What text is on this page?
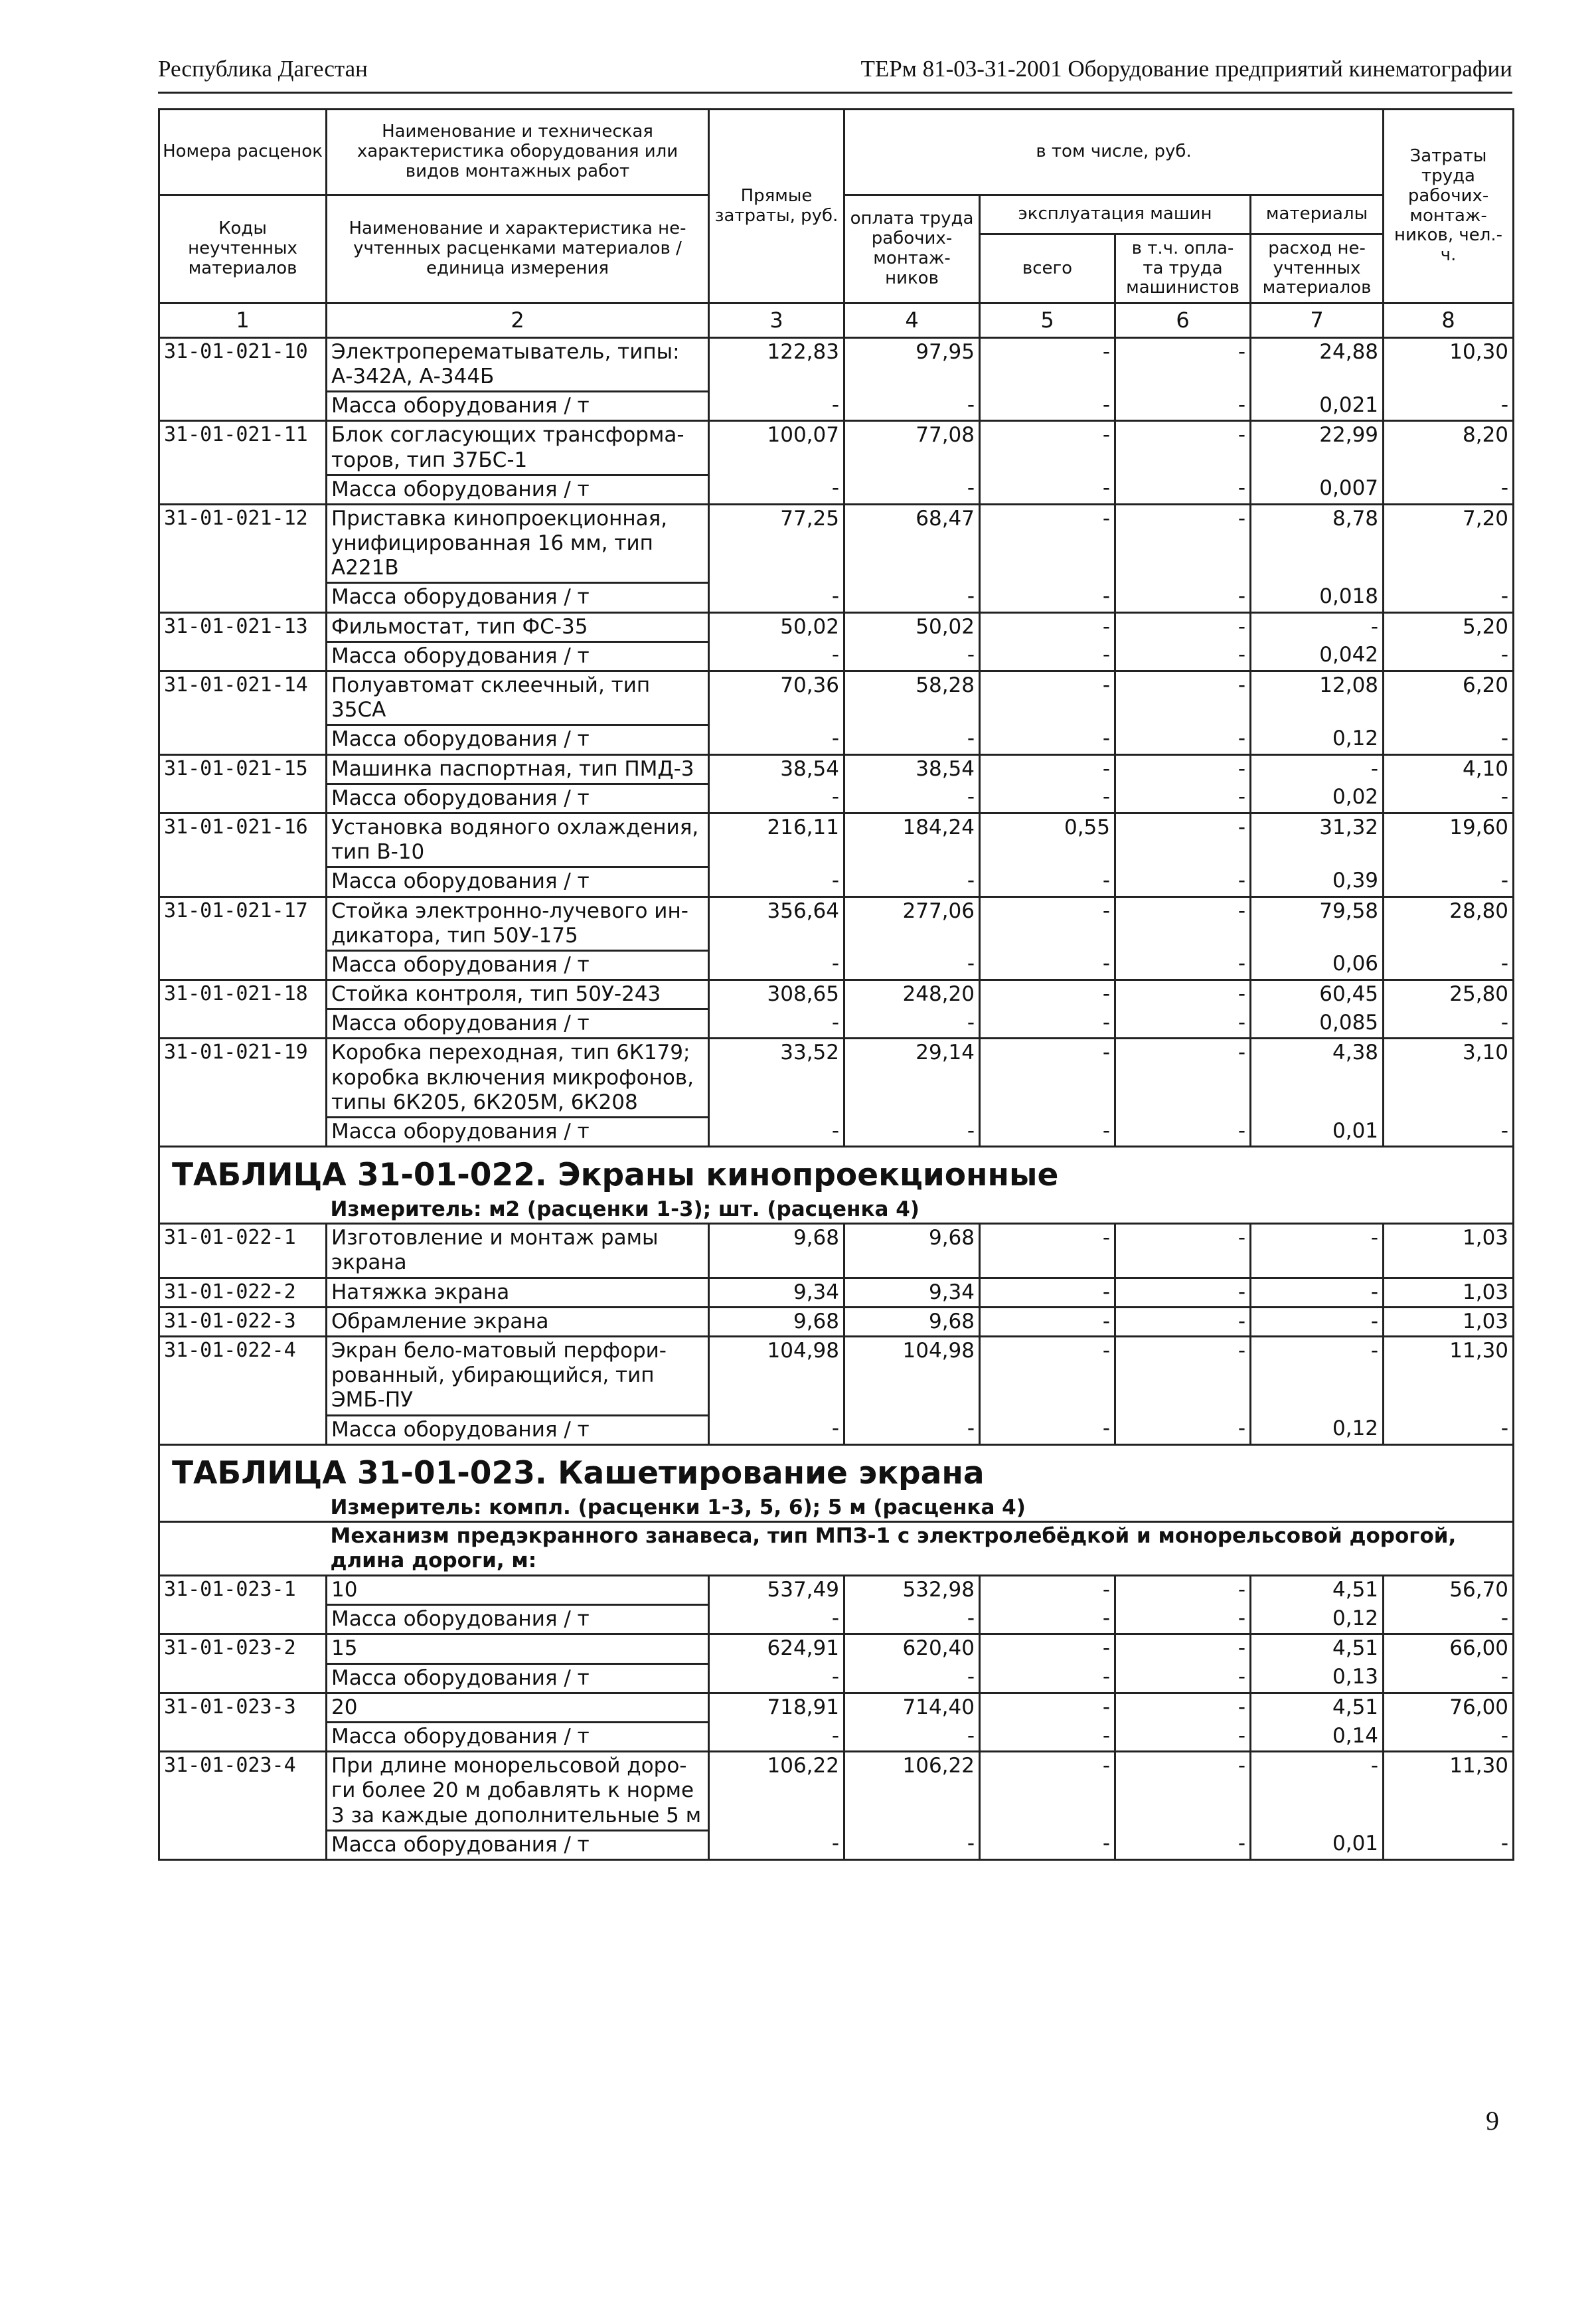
Республика Дагестан	ТЕРм 81-03-31-2001 Оборудование предприятий кинематографии
Номера расценок	Наименование и техническая характеристика оборудования или видов монтажных работ	Прямые затраты, руб.	в том числе, руб.				Затраты труда рабочих- монтаж- ников, чел.-ч.
Коды неучтенных материалов	Наименование и характеристика не- учтенных расценками материалов / единица измерения		оплата труда рабочих- монтаж- ников	эксплуатация машин		материалы	
				всего	в т.ч. опла- та труда машинистов	расход не- учтенных материалов	
1	2	3	4	5	6	7	8
31-01-021-10	Электроперематыватель, типы: А-342А, А-344Б	122,83	97,95	-	-	24,88	10,30
	Масса оборудования / т	-	-	-	-	0,021	-
31-01-021-11	Блок согласующих трансформа- торов, тип 37БС-1	100,07	77,08	-	-	22,99	8,20
	Масса оборудования / т	-	-	-	-	0,007	-
31-01-021-12	Приставка кинопроекционная, унифицированная 16 мм, тип А221В	77,25	68,47	-	-	8,78	7,20
	Масса оборудования / т	-	-	-	-	0,018	-
31-01-021-13	Фильмостат, тип ФС-35	50,02	50,02	-	-	-	5,20
	Масса оборудования / т	-	-	-	-	0,042	-
31-01-021-14	Полуавтомат склеечный, тип 35СА	70,36	58,28	-	-	12,08	6,20
	Масса оборудования / т	-	-	-	-	0,12	-
31-01-021-15	Машинка паспортная, тип ПМД-3	38,54	38,54	-	-	-	4,10
	Масса оборудования / т	-	-	-	-	0,02	-
31-01-021-16	Установка водяного охлаждения, тип В-10	216,11	184,24	0,55	-	31,32	19,60
	Масса оборудования / т	-	-	-	-	0,39	-
31-01-021-17	Стойка электронно-лучевого ин- дикатора, тип 50У-175	356,64	277,06	-	-	79,58	28,80
	Масса оборудования / т	-	-	-	-	0,06	-
31-01-021-18	Стойка контроля, тип 50У-243	308,65	248,20	-	-	60,45	25,80
	Масса оборудования / т	-	-	-	-	0,085	-
31-01-021-19	Коробка переходная, тип 6К179; коробка включения микрофонов, типы 6К205, 6К205М, 6К208	33,52	29,14	-	-	4,38	3,10
	Масса оборудования / т	-	-	-	-	0,01	-
ТАБЛИЦА 31-01-022. Экраны кинопроекционные							
	Измеритель: м2 (расценки 1-3); шт. (расценка 4)						
31-01-022-1	Изготовление и монтаж рамы экрана	9,68	9,68	-	-	-	1,03
31-01-022-2	Натяжка экрана	9,34	9,34	-	-	-	1,03
31-01-022-3	Обрамление экрана	9,68	9,68	-	-	-	1,03
31-01-022-4	Экран бело-матовый перфори- рованный, убирающийся, тип ЭМБ-ПУ	104,98	104,98	-	-	-	11,30
	Масса оборудования / т	-	-	-	-	0,12	-
ТАБЛИЦА 31-01-023. Кашетирование экрана							
	Измеритель: компл. (расценки 1-3, 5, 6); 5 м (расценка 4)						
	Механизм предэкранного занавеса, тип МПЗ-1 с электролебёдкой и монорельсовой дорогой, длина дороги, м:						
31-01-023-1	10	537,49	532,98	-	-	4,51	56,70
	Масса оборудования / т	-	-	-	-	0,12	-
31-01-023-2	15	624,91	620,40	-	-	4,51	66,00
	Масса оборудования / т	-	-	-	-	0,13	-
31-01-023-3	20	718,91	714,40	-	-	4,51	76,00
	Масса оборудования / т	-	-	-	-	0,14	-
31-01-023-4	При длине монорельсовой доро- ги более 20 м добавлять к норме 3 за каждые дополнительные 5 м	106,22	106,22	-	-	-	11,30
	Масса оборудования / т	-	-	-	-	0,01	-
9
